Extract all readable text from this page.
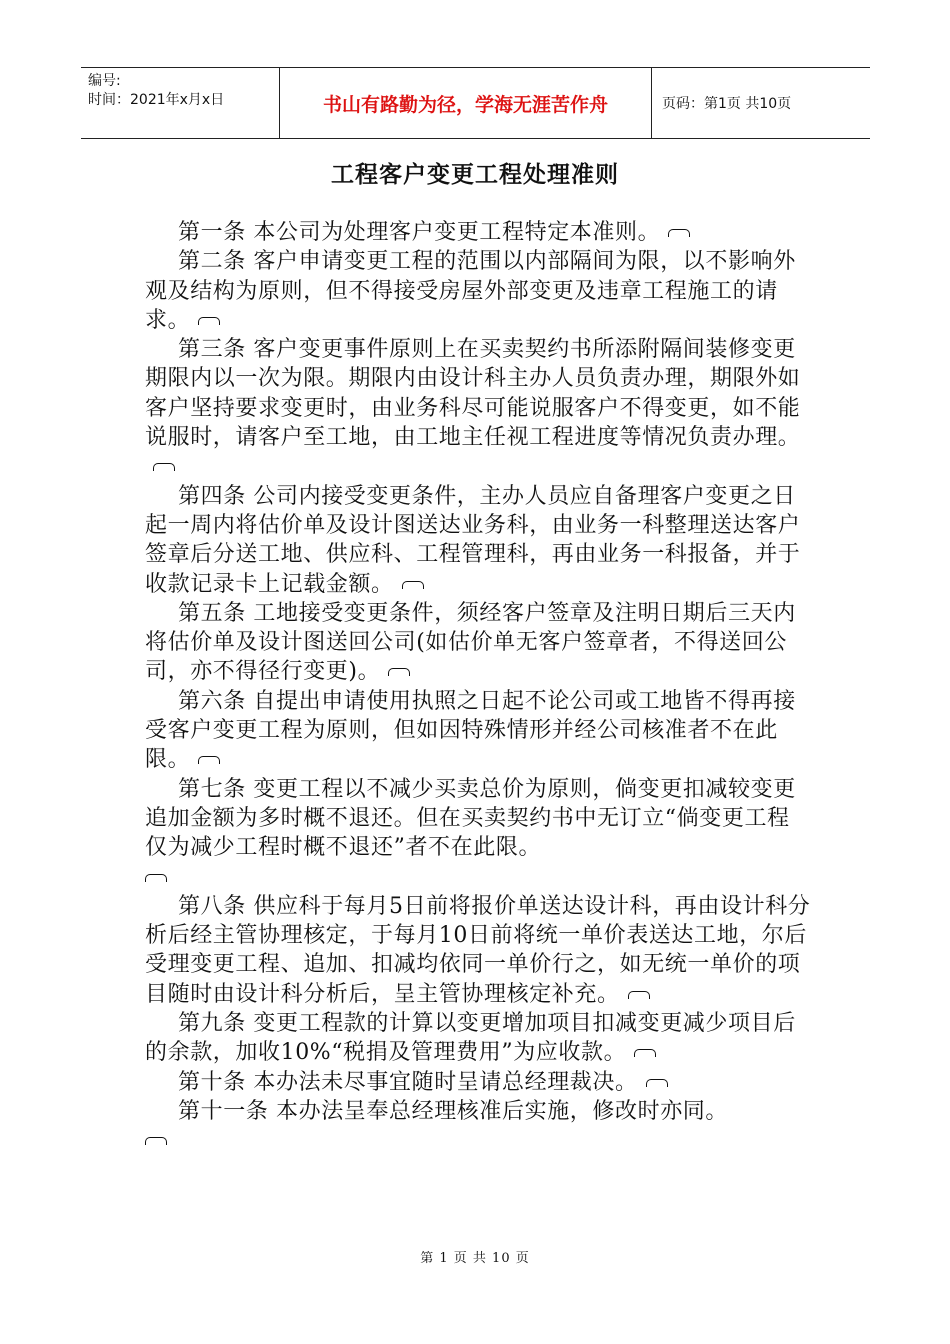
编号:
时间：2021年x月x日	书山有路勤为径，学海无涯苦作舟	页码：第1页 共10页
工程客户变更工程处理准则

第一条 本公司为处理客户变更工程特定本准则。

第二条 客户申请变更工程的范围以内部隔间为限，以不影响外观及结构为原则，但不得接受房屋外部变更及违章工程施工的请求。

第三条 客户变更事件原则上在买卖契约书所添附隔间装修变更期限内以一次为限。期限内由设计科主办人员负责办理，期限外如客户坚持要求变更时，由业务科尽可能说服客户不得变更，如不能说服时，请客户至工地，由工地主任视工程进度等情况负责办理。

第四条 公司内接受变更条件，主办人员应自备理客户变更之日起一周内将估价单及设计图送达业务科，由业务一科整理送达客户签章后分送工地、供应科、工程管理科，再由业务一科报备，并于收款记录卡上记载金额。

第五条 工地接受变更条件，须经客户签章及注明日期后三天内将估价单及设计图送回公司(如估价单无客户签章者，不得送回公司，亦不得径行变更)。

第六条 自提出申请使用执照之日起不论公司或工地皆不得再接受客户变更工程为原则，但如因特殊情形并经公司核准者不在此限。

第七条 变更工程以不减少买卖总价为原则，倘变更扣减较变更追加金额为多时概不退还。但在买卖契约书中无订立“倘变更工程仅为减少工程时概不退还”者不在此限。

第八条 供应科于每月5日前将报价单送达设计科，再由设计科分析后经主管协理核定，于每月10日前将统一单价表送达工地，尔后受理变更工程、追加、扣减均依同一单价行之，如无统一单价的项目随时由设计科分析后，呈主管协理核定补充。

第九条 变更工程款的计算以变更增加项目扣减变更减少项目后的余款，加收10%“税捐及管理费用”为应收款。

第十条 本办法未尽事宜随时呈请总经理裁决。

第十一条 本办法呈奉总经理核准后实施，修改时亦同。

第 1 页 共 10 页
